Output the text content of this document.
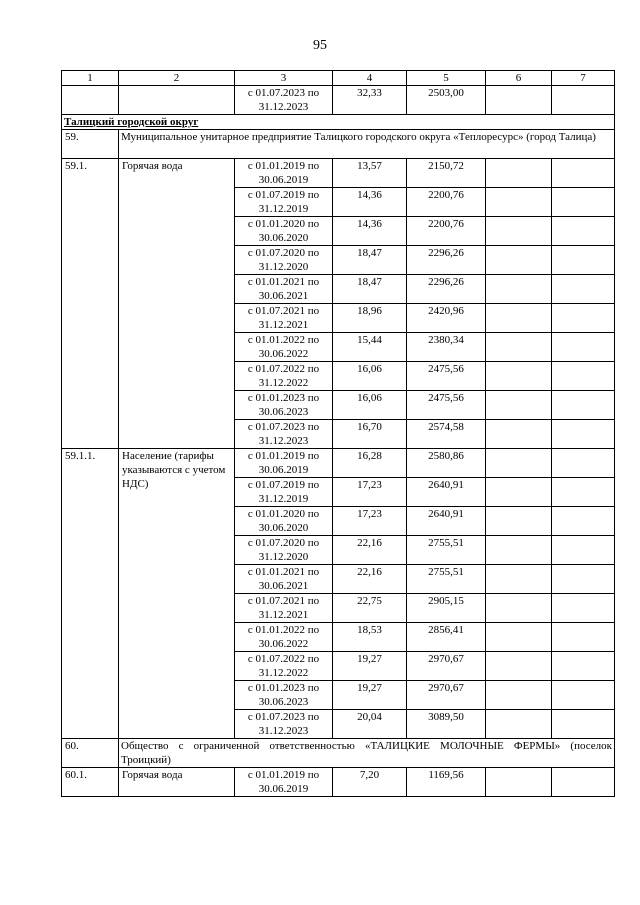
95
1	2	3	4	5	6	7
		с 01.07.2023 по 31.12.2023	32,33	2503,00		
Талицкий городской округ						
59.	Муниципальное унитарное предприятие Талицкого городского округа «Теплоресурс» (город Талица)					
59.1.	Горячая вода	с 01.01.2019 по 30.06.2019	13,57	2150,72		
		с 01.07.2019 по 31.12.2019	14,36	2200,76		
		с 01.01.2020 по 30.06.2020	14,36	2200,76		
		с 01.07.2020 по 31.12.2020	18,47	2296,26		
		с 01.01.2021 по 30.06.2021	18,47	2296,26		
		с 01.07.2021 по 31.12.2021	18,96	2420,96		
		с 01.01.2022 по 30.06.2022	15,44	2380,34		
		с 01.07.2022 по 31.12.2022	16,06	2475,56		
		с 01.01.2023 по 30.06.2023	16,06	2475,56		
		с 01.07.2023 по 31.12.2023	16,70	2574,58		
59.1.1.	Население (тарифы указываются с учетом НДС)	с 01.01.2019 по 30.06.2019	16,28	2580,86		
		с 01.07.2019 по 31.12.2019	17,23	2640,91		
		с 01.01.2020 по 30.06.2020	17,23	2640,91		
		с 01.07.2020 по 31.12.2020	22,16	2755,51		
		с 01.01.2021 по 30.06.2021	22,16	2755,51		
		с 01.07.2021 по 31.12.2021	22,75	2905,15		
		с 01.01.2022 по 30.06.2022	18,53	2856,41		
		с 01.07.2022 по 31.12.2022	19,27	2970,67		
		с 01.01.2023 по 30.06.2023	19,27	2970,67		
		с 01.07.2023 по 31.12.2023	20,04	3089,50		
60.	Общество с ограниченной ответственностью «ТАЛИЦКИЕ МОЛОЧНЫЕ ФЕРМЫ» (поселок Троицкий)					
60.1.	Горячая вода	с 01.01.2019 по 30.06.2019	7,20	1169,56		
